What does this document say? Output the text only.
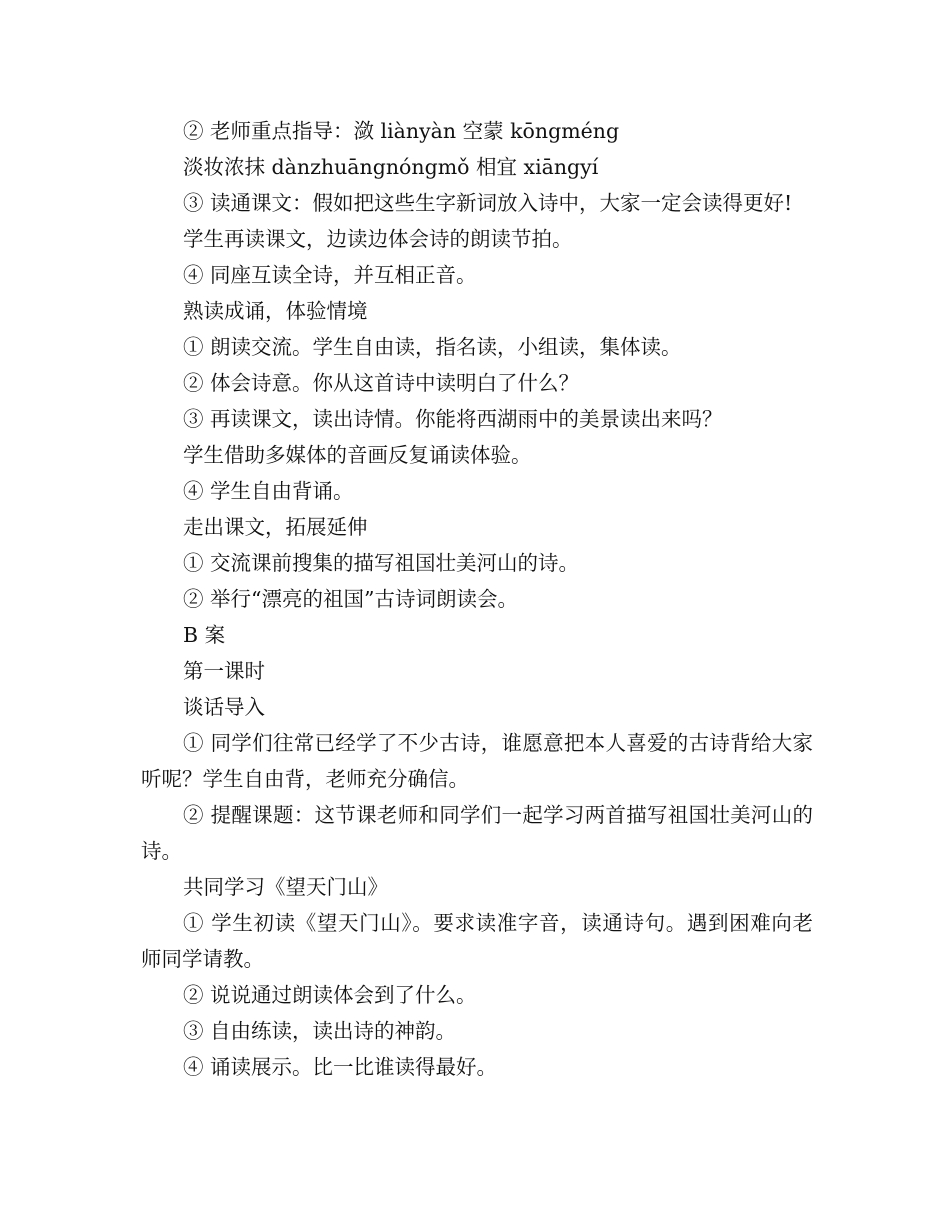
② 老师重点指导：潋 liànyàn 空蒙 kōngméng

淡妆浓抹 dànzhuāngnóngmǒ 相宜 xiāngyí

③ 读通课文：假如把这些生字新词放入诗中，大家一定会读得更好!

学生再读课文，边读边体会诗的朗读节拍。

④ 同座互读全诗，并互相正音。

熟读成诵，体验情境

① 朗读交流。学生自由读，指名读，小组读，集体读。

② 体会诗意。你从这首诗中读明白了什么？

③ 再读课文，读出诗情。你能将西湖雨中的美景读出来吗？

学生借助多媒体的音画反复诵读体验。

④ 学生自由背诵。

走出课文，拓展延伸

① 交流课前搜集的描写祖国壮美河山的诗。

② 举行“漂亮的祖国”古诗词朗读会。

B 案

第一课时

谈话导入

① 同学们往常已经学了不少古诗，谁愿意把本人喜爱的古诗背给大家听呢？学生自由背，老师充分确信。

② 提醒课题：这节课老师和同学们一起学习两首描写祖国壮美河山的诗。

共同学习《望天门山》

① 学生初读《望天门山》。要求读准字音，读通诗句。遇到困难向老师同学请教。

② 说说通过朗读体会到了什么。

③ 自由练读，读出诗的神韵。

④ 诵读展示。比一比谁读得最好。
